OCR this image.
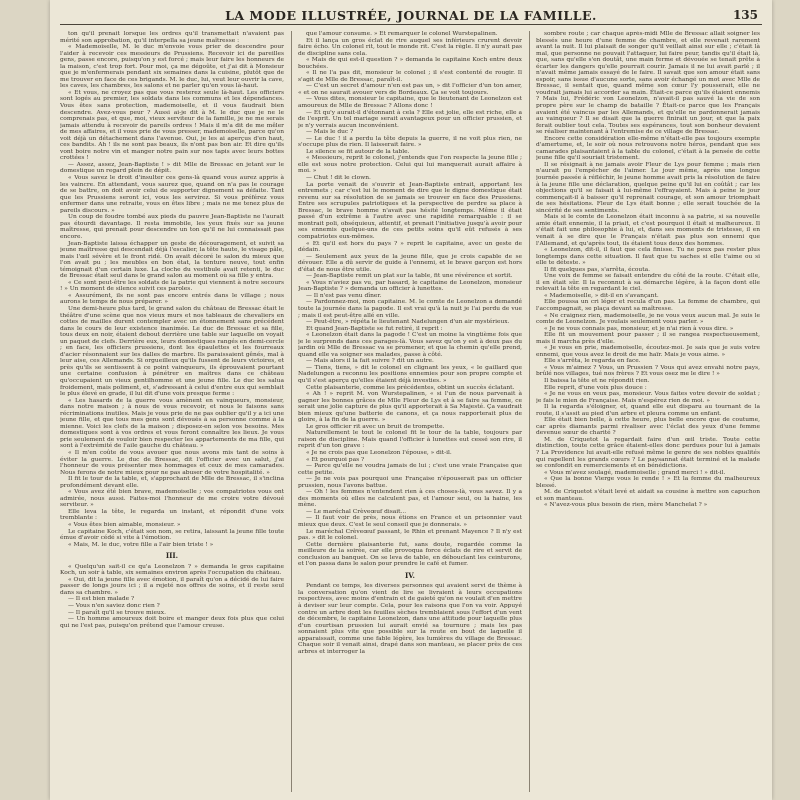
LA MODE ILLUSTRÉE, JOURNAL DE LA FAMILLE.	135

ton qu'il prenait lorsque les ordres qu'il transmettait n'avaient pas mérité son approbation, qu'il interpella sa jeune maîtresse :

« Mademoiselle, M. le duc m'envoie vous prier de descendre pour l'aider à recevoir ces messieurs de Prussiens. Recevoir ici de pareilles gens, passe encore, puisqu'on y est forcé ; mais leur faire les honneurs de la maison, c'est trop fort. Pour moi, ça me dégoûte, et j'ai dit à Monsieur que je m'enfermerais pendant six semaines dans la cuisine, plutôt que de me trouver en face de ces brigands. M. le duc, lui, veut leur ouvrir la cave, les caves, les chambres, les salons et ne parler qu'en vous là-haut.

« Et vous, ne croyez pas que vous resterez seule là-haut. Les officiers sont logés au premier, les soldats dans les communs et les dépendances. Vous êtes sans protection, mademoiselle, et il vous faudrait bien descendre. Avez-vous peur ? Aussi ai-je dit à M. le duc que je ne le comprenais pas, et que, moi, vieux serviteur de la famille, je ne me serais jamais attendu à recevoir de pareils ordres ! Mais il m'a dit de me mêler de mes affaires, et il vous prie de vous presser, mademoiselle, parce qu'on voit déjà un détachement dans l'avenue. Oui, je les ai aperçus d'en haut, ces bandits. Ah ! ils ne sont pas beaux, ils n'ont pas bon air. Et dire qu'ils vont boire notre vin et manger notre pain sur nos tapis avec leurs bottes crottées !

— Assez, assez, Jean-Baptiste ! » dit Mlle de Bressac en jetant sur le domestique un regard plein de dépit.

« Vous savez le droit d'insulter ces gens-là quand vous aurez appris à les vaincre. En attendant, vous saurez que, quand on n'a pas le courage de se battre, on doit avoir celui de supporter dignement sa défaite. Tant que les Prussiens seront ici, vous les servirez. Si vous préférez vous enfermer dans une retraite, vous en êtes libre ; mais ne me tenez plus de pareils discours. »

Un coup de foudre tombé aux pieds du pauvre Jean-Baptiste ne l'aurait pas étourdi davantage. Il resta immobile, les yeux fixés sur sa jeune maîtresse, qui prenait pour descendre un ton qu'il ne lui connaissait pas encore.

Jean-Baptiste laissa échapper un geste de découragement, et suivit sa jeune maîtresse qui descendait déjà l'escalier, la tête haute, le visage pâle, mais l'œil sévère et le front ridé. On avait décoré le salon du mieux que l'on avait pu ; les meubles en bon état, la tenture neuve, tout enfin témoignait d'un certain luxe. La cloche du vestibule avait retenti, le duc de Bressac était seul dans le grand salon au moment où sa fille y entra.

« Ce sont peut-être les soldats de la patrie qui viennent à notre secours ! » Un moment de silence suivit ces paroles.

« Assurément, ils ne sont pas encore entrés dans le village ; nous aurons le temps de nous préparer. »

Une demi-heure plus tard, le grand salon du château de Bressac était le théâtre d'une scène que nos vieux murs et nos tableaux de chevaliers en cottes de mailles durent contempler avec un étonnement sans précédent dans le cours de leur existence inanimée. Le duc de Bressac et sa fille, tous deux en noir, étaient debout derrière une table sur laquelle on voyait un paquet de clefs. Derrière eux, leurs domestiques rangés en demi-cercle ; en face, les officiers prussiens, dont les épaulettes et les fourreaux d'acier résonnaient sur les dalles de marbre. Ils paraissaient gênés, mal à leur aise, ces Allemands. Si orgueilleux qu'ils fussent de leurs victoires, et près qu'ils se sentissent à ce point vainqueurs, ils éprouvaient pourtant une certaine confusion à pénétrer en maîtres dans ce château qu'occupaient un vieux gentilhomme et une jeune fille. Le duc les salua froidement, mais poliment, et, s'adressant à celui d'entre eux qui semblait le plus élevé en grade, il lui dit d'une voix presque ferme :

« Les hasards de la guerre vous amènent en vainqueurs, monsieur, dans notre maison ; à nous de vous recevoir, et nous le faisons sans récriminations inutiles. Mais je vous prie de ne pas oublier qu'il y a ici une jeune fille, et que tous mes gens sont dévoués à sa personne comme à la mienne. Voici les clefs de la maison ; disposez-en selon vos besoins. Mes domestiques sont à vos ordres et vous feront connaître les lieux. Je vous prie seulement de vouloir bien respecter les appartements de ma fille, qui sont à l'extrémité de l'aile gauche du château. »

« Il m'en coûte de vous avouer que nous avons mis tant de soins à éviter la guerre. Le duc de Bressac, dit l'officier avec un salut, j'ai l'honneur de vous présenter mes hommages et ceux de mes camarades. Nous ferons de notre mieux pour ne pas abuser de votre hospitalité. »

Il fit le tour de la table, et, s'approchant de Mlle de Bressac, il s'inclina profondément devant elle.

« Vous avez été bien brave, mademoiselle ; vos compatriotes vous ont admirée, nous aussi. Faites-moi l'honneur de me croire votre dévoué serviteur. »

Elle leva la tête, le regarda un instant, et répondit d'une voix tremblante :

« Vous êtes bien aimable, monsieur. »

Le capitaine Koch, c'était son nom, se retira, laissant la jeune fille toute émue d'avoir cédé si vite à l'émotion.

« Mais, M. le duc, votre fille a l'air bien triste ! »

III.

« Quelqu'un sait-il ce qu'a Leonelzon ? » demanda le gros capitaine Koch, un soir à table, six semaines environ après l'occupation du château.

« Oui, dit la jeune fille avec émotion, il paraît qu'on a décidé de lui faire passer de longs jours ici ; il a rejeté nos offres de soins, et il reste seul dans sa chambre. »

— Il est bien malade ?

— Vous n'en saviez donc rien ?

— Il paraît qu'il se trouve mieux.

— Un homme amoureux doit boire et manger deux fois plus que celui qui ne l'est pas, puisqu'on prétend que l'amour creuse.

que l'amour consume. » Et remarquer le colonel Wurstepalinen.

Et il lança un gros éclat de rire auquel ses inférieurs crurent devoir faire écho. Un colonel rit, tout le monde rit. C'est la règle. Il n'y aurait pas de discipline sans cela.

« Mais de qui est-il question ? » demanda le capitaine Koch entre deux bouchées.

« Il ne l'a pas dit, monsieur le colonel ; il s'est contenté de rougir. Il s'agit de Mlle de Bressac, paraît-il.

— C'est un secret d'amour n'en est pas un, » dit l'officier d'un ton amer, « et on ne saurait avouer vers de Bordeaux. Ça se voit toujours.

— Vous dites, monsieur le capitaine, que le lieutenant de Leonelzon est amoureux de Mlle de Bressac ? Allons donc !

— Et qu'y aurait-il d'étonnant à cela ? Elle est jolie, elle est riche, elle a de l'esprit. Un tel mariage serait avantageux pour un officier prussien, et je n'y verrais aucun inconvénient.

— Mais le duc ?

— Le duc ! il a perdu la tête depuis la guerre, il ne voit plus rien, ne s'occupe plus de rien. Il laisserait faire. »

Le silence se fit autour de la table.

« Messieurs, reprit le colonel, j'entends que l'on respecte la jeune fille ; elle est sous notre protection. Celui qui lui manquerait aurait affaire à moi. »

— Chut ! dit le clown.

La porte venait de s'ouvrir et Jean-Baptiste entrait, apportant les entremets ; car c'est lui le moment de dire que le digne domestique était revenu sur sa résolution de se jamais se trouver en face des Prussiens. Entre ses scrupules patriotiques et la perspective de perdre sa place à Bressac, le brave homme n'avait pas hésité longtemps. Même il était passé d'un extrême à l'autre avec une rapidité remarquable : il se montrait poli, obséquieux, attentif, et prenait l'initiative jusqu'à avoir pour ses ennemis quelque-uns de ces petits soins qu'il eût refusés à ses compatriotes eux-mêmes.

« Et qu'il est hors du pays ? » reprit le capitaine, avec un geste de dédain.

— Seulement aux yeux de la jeune fille, que je crois capable de se dévouer. Elle a dû servir de guide à l'ennemi, et le brave garçon est hors d'état de nous être utile.

— Jean-Baptiste remit un plat sur la table, fit une révérence et sortit.

« Vous n'aviez pas vu, par hasard, le capitaine de Leonelzon, monsieur Jean-Baptiste ? » demanda un officier à lunettes.

— Il n'est pas venu dîner.

— Pardonnez-moi, mon capitaine. M. le comte de Leonelzon a demandé toute la journée dans la pagode. Il est vrai qu'à la nuit je l'ai perdu de vue ; mais il est peut-être allé en ville.

— Peut-être, » répéta le lieutenant Nadelungen d'un air mystérieux.

Et quand Jean-Baptiste se fut retiré, il reprit :

« Leonelzon était dans la pagode ! C'est un moine la vingtième fois que je le surprends dans ces parages-là. Vous savez qu'on y est à deux pas du jardin où Mlle de Bressac va se promener, et que la chemin qu'elle prend, quand elle va soigner ses malades, passe à côté.

— Mais alors il la fait suivre ? dit un autre.

— Tiens, tiens, » dit le colonel en clignant les yeux, « le gaillard que Nadelungen a reconnu les positions ennemies pour son propre compte et qu'il s'est aperçu qu'elles étaient déjà investies. »

Cette plaisanterie, comme les précédentes, obtint un succès éclatant.

« Ah ! » reprit M. von Wurstepalinen, « si l'un de nous parvenait à gagner les bonnes grâces de Mlle Fleur de Lys et à se faire sa femme, ce serait une jolie capture de plus qu'il apporterait à Sa Majesté. Ça vaudrait bien mieux qu'une batterie de canons, et ça nous rapporterait plus de gloire, à la fin de la guerre. »

Le gros officier rit avec un bruit de trompette.

Naturellement le tout le colonel fit le tour de la table, toujours par raison de discipline. Mais quand l'officier à lunettes eut cessé son rire, il reprit d'un ton grave :

« Je ne crois pas que Leonelzon l'épouse, » dit-il.

« Et pourquoi pas ?

— Parce qu'elle ne voudra jamais de lui ; c'est une vraie Française que cette petite.

— Je ne vois pas pourquoi une Française n'épouserait pas un officier prussien, nous l'avons battue.

— Oh ! les femmes n'entendent rien à ces choses-là, vous savez. Il y a des moments où elles ne calculent pas, et l'amour seul, ou la haine, les mène.

— Le maréchal Crèveœuf disait...

— Il faut voir de près, nous étions en France et un prisonnier vaut mieux que deux. C'est le seul conseil que je donnerais. »

Le maréchal Crèveœuf passant, le Rhin et prenant Mayence ? Il n'y est pas. » dit le colonel.

Cette dernière plaisanterie fut, sans doute, regardée comme la meilleure de la soirée, car elle provoqua force éclats de rire et servit de conclusion au banquet. On se leva de table, en débouclant les ceinturons, et l'on passa dans le salon pour prendre le café et fumer.

IV.

Pendant ce temps, les diverses personnes qui avaient servi de thème à la conversation qu'on vient de lire se livraient à leurs occupations respectives, avec moins d'entrain et de gaieté qu'on ne voulait d'en mettre à deviser sur leur compte. Cela, pour les raisons que l'on va voir. Appuyé contre un arbre dont les feuilles sèches tremblaient sous l'effort d'un vent de décembre, le capitaine Leonelzon, dans une attitude pour laquelle plus d'un courtisan prussien lui aurait envié sa tournure ; mais les pas sonnaient plus vite que possible sur la route en bout de laquelle il apparaissait, comme une fable légère, les lumières du village de Bressac. Chaque soir il venait ainsi, drapé dans son manteau, se placer près de ces arbres et interroger la

sombre route ; car chaque après-midi Mlle de Bressac allait soigner les blessés une heure d'une femme de chambre, et elle revenait rarement avant la nuit. Il lui plaisait de songer qu'il veillait ainsi sur elle ; c'était là mal, que personne ne pouvait l'attaquer, lui faire peur, tandis qu'il était là, que, sans qu'elle s'en doutât, une main ferme et dévouée se tenait prête à écarter les dangers qu'elle pourrait courir. Jamais il ne lui avait parlé ; il n'avait même jamais essayé de le faire. Il savait que son amour était sans espoir, sans issue d'aucune sorte, sans avoir échangé un mot avec Mlle de Bressac, il sentait que, quand même son cœur l'y pousserait, elle ne voudrait jamais lui accorder sa main. Était-ce parce qu'ils étaient ennemis ? Mais lui, Frédéric von Leonelzon, n'avait-il pas sauvé la vie de son propre père sur le champ de bataille ? Était-ce parce que les Français avaient été vaincus par les Allemands, et qu'elle ne pardonnerait jamais au vainqueur ? Il se disait que la guerre finirait un jour, et que la paix ferait oublier tout cela. Toutes ses espérances, tout son bonheur devaient se réaliser maintenant à l'entremise de ce village de Bressac.

Encore cette considération elle-même n'était-elle pas toujours exempte d'amertume, et, le soir où nous retrouvons notre héros, pendant que ses camarades plaisantaient à la table du colonel, c'était à la pensée de cette jeune fille qu'il souriait tristement.

Il se résignait à ne jamais avoir Fleur de Lys pour femme ; mais rien n'aurait pu l'empêcher de l'aimer. Le jour même, après une longue journée passée à réfléchir, le jeune homme avait pris la résolution de faire à la jeune fille une déclaration, quelque peine qu'il lui en coûtât ; car les objections qu'il se faisait à lui-même l'effrayaient. Mais à peine le jour commençait-il à baisser qu'il reprenait courage, et son amour triomphait de ses hésitations. Fleur de Lys était bonne ; elle serait touchée de la sincérité de ses sentiments.

Mais si le comte de Leonelzon était inconnu à sa patrie, si sa nouvelle amie était ennemie, il la priait, et c'est pourquoi il était si malheureux. Il s'était fait une philosophie à lui, et, dans ses moments de tristesse, il en venait à se dire que le Français n'était pas plus son ennemi que l'Allemand, et qu'après tout, ils étaient tous deux des hommes.

« Leonelzon, dit-il, il faut que cela finisse. Tu ne peux pas rester plus longtemps dans cette situation. Il faut que tu saches si elle t'aime ou si elle te déteste. »

Il fit quelques pas, s'arrêta, écouta.

Une voix de femme se faisait entendre du côté de la route. C'était elle, il en était sûr. Il la reconnut à sa démarche légère, à la façon dont elle relevait la tête en regardant le ciel.

« Mademoiselle, » dit-il en s'avançant.

Elle poussa un cri léger et recula d'un pas. La femme de chambre, qui l'accompagnait, se plaça devant sa maîtresse.

« Ne craignez rien, mademoiselle, je ne vous veux aucun mal. Je suis le comte de Leonelzon. Je voulais seulement vous parler. »

« Je ne vous connais pas, monsieur, et je n'ai rien à vous dire. »

Elle fit un mouvement pour passer ; il se rangea respectueusement, mais il marcha près d'elle.

« Je vous en prie, mademoiselle, écoutez-moi. Je sais que je suis votre ennemi, que vous avez le droit de me haïr. Mais je vous aime. »

Elle s'arrêta, le regarda en face.

« Vous m'aimez ? Vous, un Prussien ? Vous qui avez envahi notre pays, brûlé nos villages, tué nos frères ? Et vous osez me le dire ! »

Il baissa la tête et ne répondit rien.

Elle reprit, d'une voix plus douce :

« Je ne vous en veux pas, monsieur. Vous faites votre devoir de soldat ; je fais le mien de Française. Mais n'espérez rien de moi. »

Il la regarda s'éloigner, et, quand elle eut disparu au tournant de la route, il s'assit au pied d'un arbre et pleura comme un enfant.

Elle était bien belle, à cette heure, plus belle encore que de coutume, car après diamants parmi rivaliser avec l'éclat des yeux d'une femme devenue sœur de charité ?

M. de Criquetot la regardait faire d'un œil triste. Toute cette distinction, toute cette grâce étaient-elles donc perdues pour lui à jamais ? La Providence lui avait-elle refusé même le genre de ses nobles qualités qui rapellent les grands cœurs ? Le paysannat était terminé et la malade se confondit en remerciements et en bénédictions.

« Vous m'avez soulagé, mademoiselle ; grand merci ! » dit-il.

« Que la bonne Vierge vous le rende ! » Et la femme du malheureux blessé.

M. de Criquetot s'était levé et aidait sa cousine à mettre son capuchon et son manteau.

« N'avez-vous plus besoin de rien, mère Manchelat ? »
